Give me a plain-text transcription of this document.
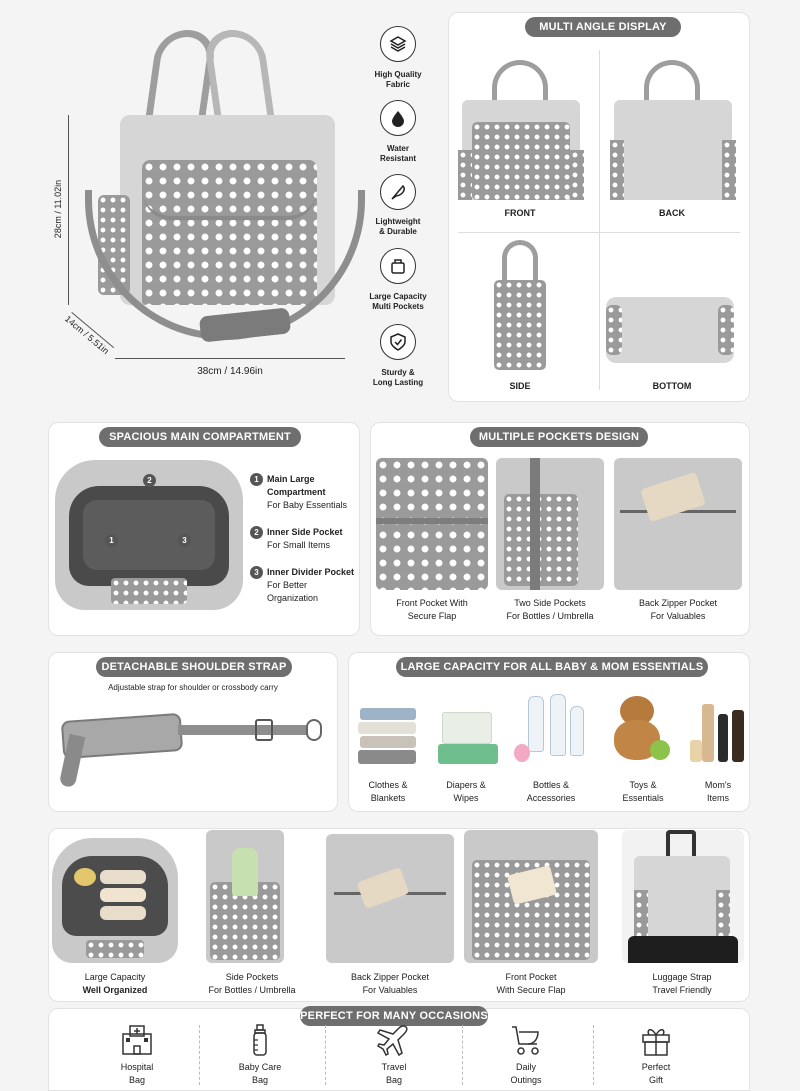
28cm / 11.02in
38cm / 14.96in
14cm / 5.51in
High Quality
Fabric
Water
Resistant
Lightweight
& Durable
Large Capacity
Multi Pockets
Sturdy &
Long Lasting
MULTI ANGLE DISPLAY
FRONT	BACK
SIDE	BOTTOM
SPACIOUS MAIN COMPARTMENT
2
1	3
1 Main Large
Compartment
For Baby Essentials
2 Inner Side Pocket
For Small Items
3 Inner Divider Pocket
For Better Organization
MULTIPLE POCKETS DESIGN
Front Pocket With
Secure Flap
Two Side Pockets
For Bottles / Umbrella
Back Zipper Pocket
For Valuables
DETACHABLE SHOULDER STRAP
Adjustable strap for shoulder or crossbody carry
LARGE CAPACITY FOR ALL BABY & MOM ESSENTIALS
Clothes &
Blankets
Diapers &
Wipes
Bottles &
Accessories
Toys &
Essentials
Mom's
Items
Large Capacity
Well Organized
Side Pockets
For Bottles / Umbrella
Back Zipper Pocket
For Valuables
Front Pocket
With Secure Flap
Luggage Strap
Travel Friendly
PERFECT FOR MANY OCCASIONS
Hospital
Bag
Baby Care
Bag
Travel
Bag
Daily
Outings
Perfect
Gift
